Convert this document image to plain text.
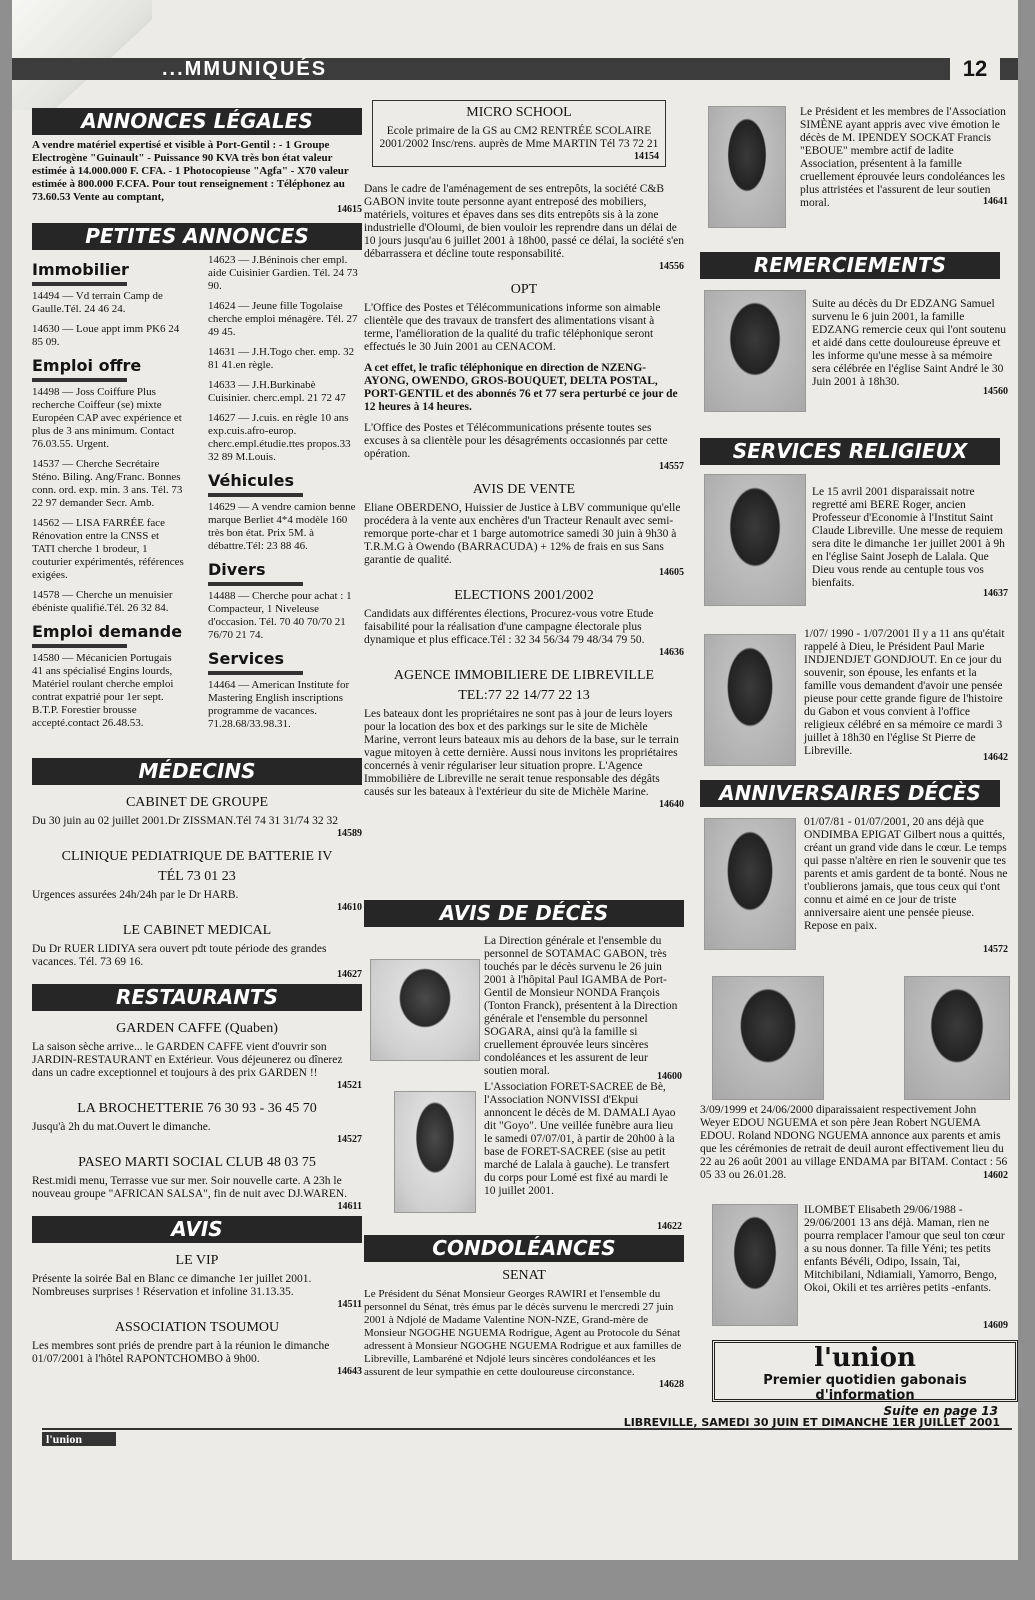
...MMUNIQUÉS	12
ANNONCES LÉGALES
A vendre matériel expertisé et visible à Port-Gentil : - 1 Groupe Electrogène "Guinault" - Puissance 90 KVA très bon état valeur estimée à 14.000.000 F. CFA. - 1 Photocopieuse "Agfa" - X70 valeur estimée à 800.000 F.CFA. Pour tout renseignement : Téléphonez au 73.60.53 Vente au comptant,
14615
PETITES ANNONCES
Immobilier

14494 — Vd terrain Camp de Gaulle.Tél. 24 46 24.

14630 — Loue appt imm PK6 24 85 09.

Emploi offre

14498 — Joss Coiffure Plus recherche Coiffeur (se) mixte Européen CAP avec expérience et plus de 3 ans minimum. Contact 76.03.55. Urgent.

14537 — Cherche Secrétaire Sténo. Biling. Ang/Franc. Bonnes conn. ord. exp. min. 3 ans. Tél. 73 22 97 demander Secr. Amb.

14562 — LISA FARRÉE face Rénovation entre la CNSS et TATI cherche 1 brodeur, 1 couturier expérimentés, références exigées.

14578 — Cherche un menuisier ébéniste qualifié.Tél. 26 32 84.

Emploi demande

14580 — Mécanicien Portugais 41 ans spécialisé Engins lourds, Matériel roulant cherche emploi contrat expatrié pour 1er sept. B.T.P. Forestier brousse accepté.contact 26.48.53.

14623 — J.Béninois cher empl. aide Cuisinier Gardien. Tél. 24 73 90.

14624 — Jeune fille Togolaise cherche emploi ménagère. Tél. 27 49 45.

14631 — J.H.Togo cher. emp. 32 81 41.en règle.

14633 — J.H.Burkinabè Cuisinier. cherc.empl. 21 72 47

14627 — J.cuis. en règle 10 ans exp.cuis.afro-europ. cherc.empl.étudie.ttes propos.33 32 89 M.Louis.

Véhicules

14629 — A vendre camion benne marque Berliet 4*4 modèle 160 très bon état. Prix 5M. à débattre.Tél: 23 88 46.

Divers

14488 — Cherche pour achat : 1 Compacteur, 1 Niveleuse d'occasion. Tél. 70 40 70/70 21 76/70 21 74.

Services

14464 — American Institute for Mastering English inscriptions programme de vacances. 71.28.68/33.98.31.

MÉDECINS
CABINET DE GROUPE
Du 30 juin au 02 juillet 2001.Dr ZISSMAN.Tél 74 31 31/74 32 32
14589
CLINIQUE PEDIATRIQUE DE BATTERIE IV
TÉL 73 01 23
Urgences assurées 24h/24h par le Dr HARB.
14610
LE CABINET MEDICAL
Du Dr RUER LIDIYA sera ouvert pdt toute période des grandes vacances. Tél. 73 69 16.
14627
RESTAURANTS
GARDEN CAFFE (Quaben)
La saison sèche arrive... le GARDEN CAFFE vient d'ouvrir son JARDIN-RESTAURANT en Extérieur. Vous déjeunerez ou dînerez dans un cadre exceptionnel et toujours à des prix GARDEN !!
14521
LA BROCHETTERIE 76 30 93 - 36 45 70
Jusqu'à 2h du mat.Ouvert le dimanche.
14527
PASEO MARTI SOCIAL CLUB 48 03 75
Rest.midi menu, Terrasse vue sur mer. Soir nouvelle carte. A 23h le nouveau groupe "AFRICAN SALSA", fin de nuit avec DJ.WAREN.
14611
AVIS
LE VIP
Présente la soirée Bal en Blanc ce dimanche 1er juillet 2001. Nombreuses surprises ! Réservation et infoline 31.13.35.
14511
ASSOCIATION TSOUMOU
Les membres sont priés de prendre part à la réunion le dimanche 01/07/2001 à l'hôtel RAPONTCHOMBO à 9h00.
14643
MICRO SCHOOL
Ecole primaire de la GS au CM2 RENTRÉE SCOLAIRE 2001/2002 Insc/rens. auprès de Mme MARTIN Tél 73 72 21
14154
Dans le cadre de l'aménagement de ses entrepôts, la société C&B GABON invite toute personne ayant entreposé des mobiliers, matériels, voitures et épaves dans ses dits entrepôts sis à la zone industrielle d'Oloumi, de bien vouloir les reprendre dans un délai de 10 jours jusqu'au 6 juillet 2001 à 18h00, passé ce délai, la société s'en débarrassera et décline toute responsabilité.
14556
OPT
L'Office des Postes et Télécommunications informe son aimable clientèle que des travaux de transfert des alimentations visant à terme, l'amélioration de la qualité du trafic téléphonique seront effectués le 30 Juin 2001 au CENACOM.
A cet effet, le trafic téléphonique en direction de NZENG-AYONG, OWENDO, GROS-BOUQUET, DELTA POSTAL, PORT-GENTIL et des abonnés 76 et 77 sera perturbé ce jour de 12 heures à 14 heures.
L'Office des Postes et Télécommunications présente toutes ses excuses à sa clientèle pour les désagréments occasionnés par cette opération.
14557
AVIS DE VENTE
Eliane OBERDENO, Huissier de Justice à LBV communique qu'elle procédera à la vente aux enchères d'un Tracteur Renault avec semi-remorque porte-char et 1 barge automotrice samedi 30 juin à 9h30 à T.R.M.G à Owendo (BARRACUDA) + 12% de frais en sus Sans garantie de qualité.
14605
ELECTIONS 2001/2002
Candidats aux différentes élections, Procurez-vous votre Etude faisabilité pour la réalisation d'une campagne électorale plus dynamique et plus efficace.Tél : 32 34 56/34 79 48/34 79 50.
14636
AGENCE IMMOBILIERE DE LIBREVILLE
TEL:77 22 14/77 22 13
Les bateaux dont les propriétaires ne sont pas à jour de leurs loyers pour la location des box et des parkings sur le site de Michèle Marine, verront leurs bateaux mis au dehors de la base, sur le terrain vague mitoyen à cette dernière. Aussi nous invitons les propriétaires concernés à venir régulariser leur situation propre. L'Agence Immobilière de Libreville ne serait tenue responsable des dégâts causés sur les bateaux à l'extérieur du site de Michèle Marine.
14640
AVIS DE DÉCÈS
La Direction générale et l'ensemble du personnel de SOTAMAC GABON, très touchés par le décès survenu le 26 juin 2001 à l'hôpital Paul IGAMBA de Port-Gentil de Monsieur NONDA François (Tonton Franck), présentent à la Direction générale et l'ensemble du personnel SOGARA, ainsi qu'à la famille si cruellement éprouvée leurs sincères condoléances et les assurent de leur soutien moral.	14600
L'Association FORET-SACREE de Bè, l'Association NONVISSI d'Ekpui annoncent le décès de M. DAMALI Ayao dit "Goyo". Une veillée funèbre aura lieu le samedi 07/07/01, à partir de 20h00 à la base de FORET-SACREE (sise au petit marché de Lalala à gauche). Le transfert du corps pour Lomé est fixé au mardi le 10 juillet 2001.
14622
CONDOLÉANCES
SENAT
Le Président du Sénat Monsieur Georges RAWIRI et l'ensemble du personnel du Sénat, très émus par le décès survenu le mercredi 27 juin 2001 à Ndjolé de Madame Valentine NON-NZE, Grand-mère de Monsieur NGOGHE NGUEMA Rodrigue, Agent au Protocole du Sénat adressent à Monsieur NGOGHE NGUEMA Rodrigue et aux familles de Libreville, Lambaréné et Ndjolé leurs sincères condoléances et les assurent de leur sympathie en cette douloureuse circonstance.
14628
Le Président et les membres de l'Association SIMÈNE ayant appris avec vive émotion le décès de M. IPENDEY SOCKAT Francis "EBOUE" membre actif de ladite Association, présentent à la famille cruellement éprouvée leurs condoléances les plus attristées et l'assurent de leur soutien moral.	14641
REMERCIEMENTS
Suite au décès du Dr EDZANG Samuel survenu le 6 juin 2001, la famille EDZANG remercie ceux qui l'ont soutenu et aidé dans cette douloureuse épreuve et les informe qu'une messe à sa mémoire sera célébrée en l'église Saint André le 30 Juin 2001 à 18h30.
14560
SERVICES RELIGIEUX
Le 15 avril 2001 disparaissait notre regretté ami BERE Roger, ancien Professeur d'Economie à l'Institut Saint Claude Libreville. Une messe de requiem sera dite le dimanche 1er juillet 2001 à 9h en l'église Saint Joseph de Lalala. Que Dieu vous rende au centuple tous vos bienfaits.
14637
1/07/ 1990 - 1/07/2001 Il y a 11 ans qu'était rappelé à Dieu, le Président Paul Marie INDJENDJET GONDJOUT. En ce jour du souvenir, son épouse, les enfants et la famille vous demandent d'avoir une pensée pieuse pour cette grande figure de l'histoire du Gabon et vous convient à l'office religieux célébré en sa mémoire ce mardi 3 juillet à 18h30 en l'église St Pierre de Libreville.
14642
ANNIVERSAIRES DÉCÈS
01/07/81 - 01/07/2001, 20 ans déjà que ONDIMBA EPIGAT Gilbert nous a quittés, créant un grand vide dans le cœur. Le temps qui passe n'altère en rien le souvenir que tes parents et amis gardent de ta bonté. Nous ne t'oublierons jamais, que tous ceux qui t'ont connu et aimé en ce jour de triste anniversaire aient une pensée pieuse. Repose en paix.
14572
3/09/1999 et 24/06/2000 diparaissaient respectivement John Weyer EDOU NGUEMA et son père Jean Robert NGUEMA EDOU. Roland NDONG NGUEMA annonce aux parents et amis que les cérémonies de retrait de deuil auront effectivement lieu du 22 au 26 août 2001 au village ENDAMA par BITAM. Contact : 56 05 33 ou 26.01.28.	14602
ILOMBET Elisabeth 29/06/1988 - 29/06/2001 13 ans déjà. Maman, rien ne pourra remplacer l'amour que seul ton cœur a su nous donner. Ta fille Yéni; tes petits enfants Bévéli, Odipo, Issain, Tai, Mitchibilani, Ndiamiali, Yamorro, Bengo, Okoi, Okili et tes arrières petits -enfants.
14609
l'union
Premier quotidien gabonais d'information
Suite en page 13
l'union
LIBREVILLE, SAMEDI 30 JUIN ET DIMANCHE 1ER JUILLET 2001
